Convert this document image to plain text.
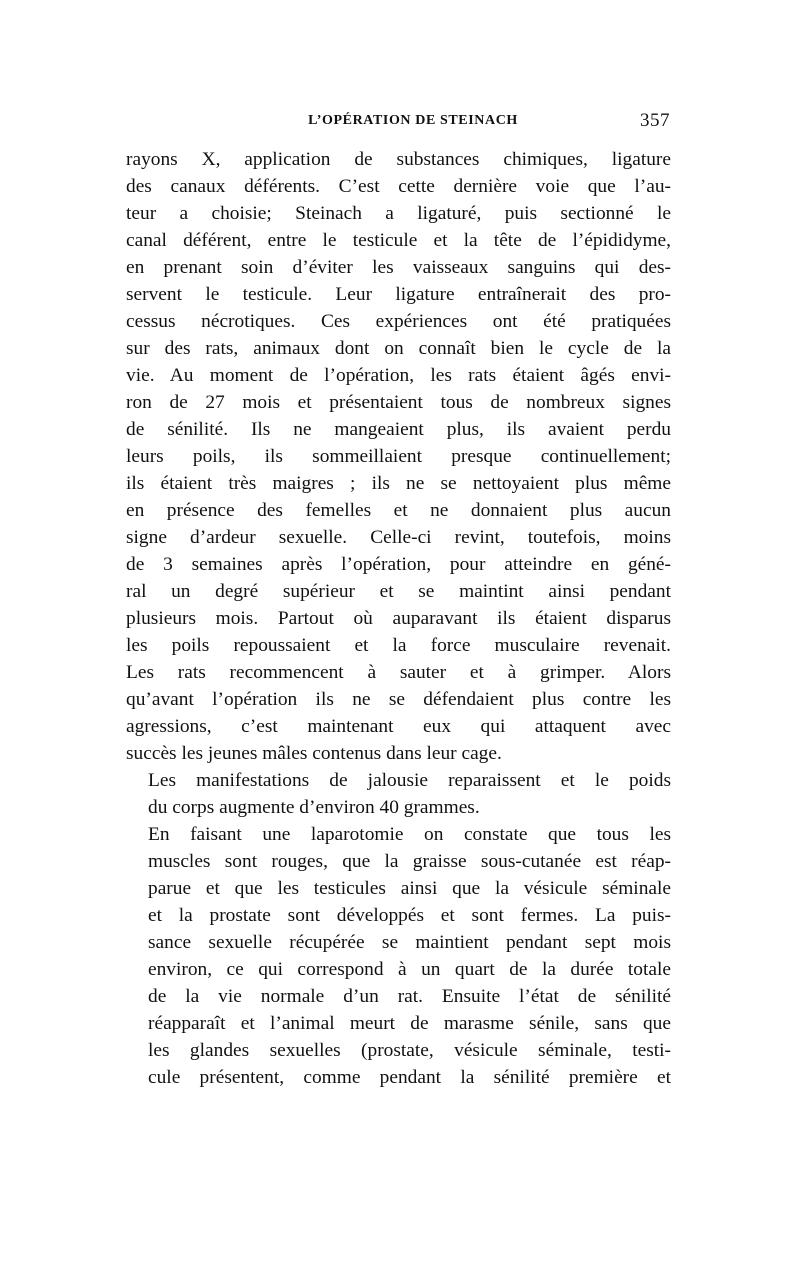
L’OPÉRATION DE STEINACH	357

rayons X, application de substances chimiques, ligature
des canaux déférents. C’est cette dernière voie que l’au-
teur a choisie; Steinach a ligaturé, puis sectionné le
canal déférent, entre le testicule et la tête de l’épididyme,
en prenant soin d’éviter les vaisseaux sanguins qui des-
servent le testicule. Leur ligature entraînerait des pro-
cessus nécrotiques. Ces expériences ont été pratiquées
sur des rats, animaux dont on connaît bien le cycle de la
vie. Au moment de l’opération, les rats étaient âgés envi-
ron de 27 mois et présentaient tous de nombreux signes
de sénilité. Ils ne mangeaient plus, ils avaient perdu
leurs poils, ils sommeillaient presque continuellement;
ils étaient très maigres ; ils ne se nettoyaient plus même
en présence des femelles et ne donnaient plus aucun
signe d’ardeur sexuelle. Celle-ci revint, toutefois, moins
de 3 semaines après l’opération, pour atteindre en géné-
ral un degré supérieur et se maintint ainsi pendant
plusieurs mois. Partout où auparavant ils étaient disparus
les poils repoussaient et la force musculaire revenait.
Les rats recommencent à sauter et à grimper. Alors
qu’avant l’opération ils ne se défendaient plus contre les
agressions, c’est maintenant eux qui attaquent avec
succès les jeunes mâles contenus dans leur cage.

Les manifestations de jalousie reparaissent et le poids
du corps augmente d’environ 40 grammes.

En faisant une laparotomie on constate que tous les
muscles sont rouges, que la graisse sous-cutanée est réap-
parue et que les testicules ainsi que la vésicule séminale
et la prostate sont développés et sont fermes. La puis-
sance sexuelle récupérée se maintient pendant sept mois
environ, ce qui correspond à un quart de la durée totale
de la vie normale d’un rat. Ensuite l’état de sénilité
réapparaît et l’animal meurt de marasme sénile, sans que
les glandes sexuelles (prostate, vésicule séminale, testi-
cule présentent, comme pendant la sénilité première et
